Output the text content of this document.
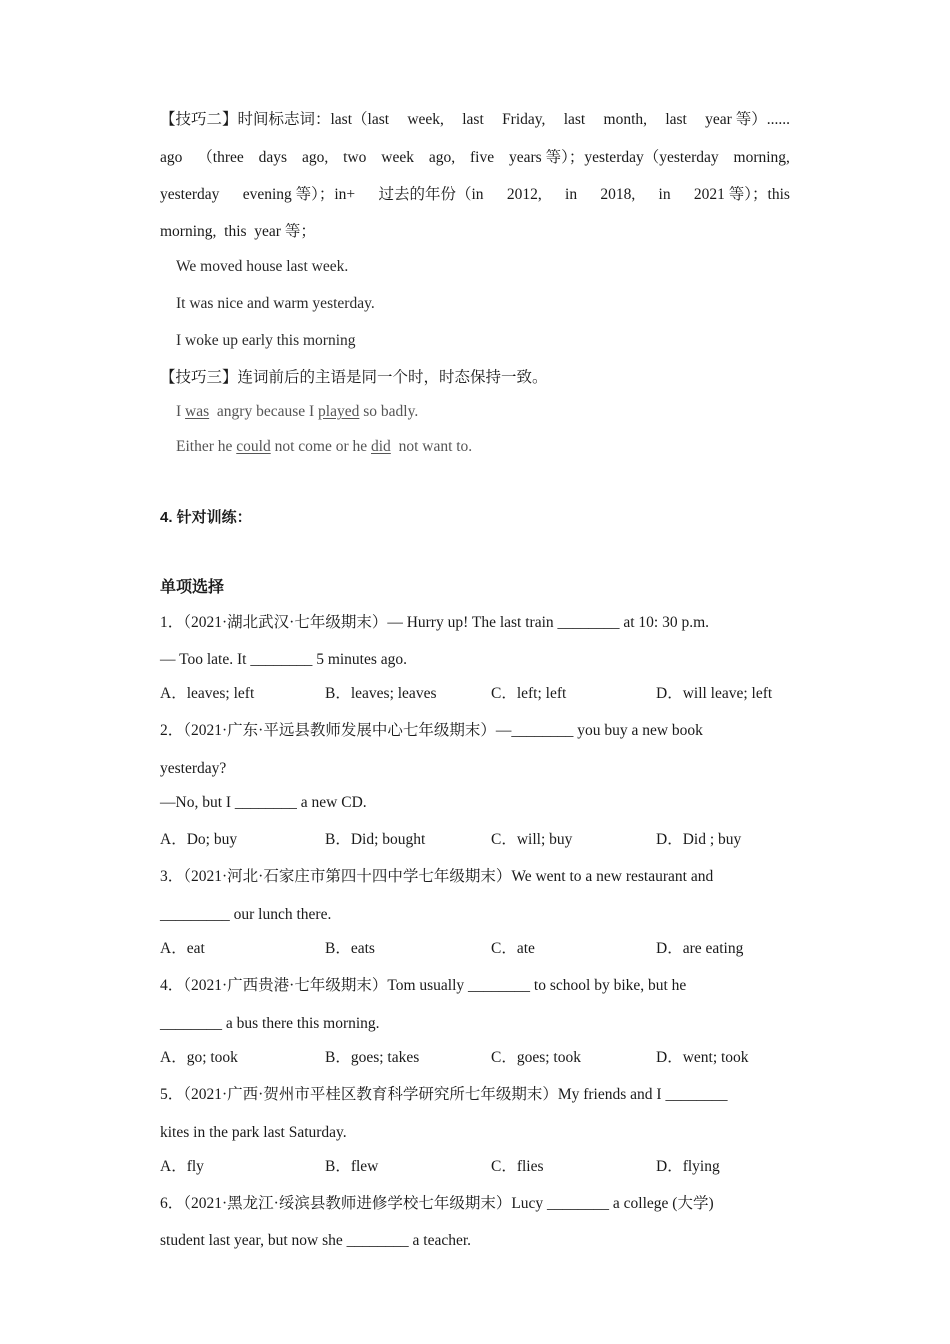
【技巧二】时间标志词：last（last week, last Friday, last month, last year 等）......
ago （three days ago, two week ago, five years 等）；yesterday（yesterday morning,
yesterday evening 等）；in+ 过去的年份（in 2012, in 2018, in 2021 等）；this
morning,  this  year 等；
We moved house last week.
It was nice and warm yesterday.
I woke up early this morning
【技巧三】连词前后的主语是同一个时，时态保持一致。
I was  angry because I played so badly.
Either he could not come or he did  not want to.
4. 针对训练：
单项选择
1．（2021·湖北武汉·七年级期末）— Hurry up! The last train ________ at 10: 30 p.m.
— Too late. It ________ 5 minutes ago.
A．leaves; left	B．leaves; leaves	C．left; left	D．will leave; left
2．（2021·广东·平远县教师发展中心七年级期末）—________ you buy a new book
yesterday?
—No, but I ________ a new CD.
A．Do; buy	B．Did; bought	C．will; buy	D．Did ; buy
3．（2021·河北·石家庄市第四十四中学七年级期末）We went to a new restaurant and
_________ our lunch there.
A．eat	B．eats	C．ate	D．are eating
4．（2021·广西贵港·七年级期末）Tom usually ________ to school by bike, but he
________ a bus there this morning.
A．go; took	B．goes; takes	C．goes; took	D．went; took
5．（2021·广西·贺州市平桂区教育科学研究所七年级期末）My friends and I ________
kites in the park last Saturday.
A．fly	B．flew	C．flies	D．flying
6．（2021·黑龙江·绥滨县教师进修学校七年级期末）Lucy ________ a college (大学)
student last year, but now she ________ a teacher.
